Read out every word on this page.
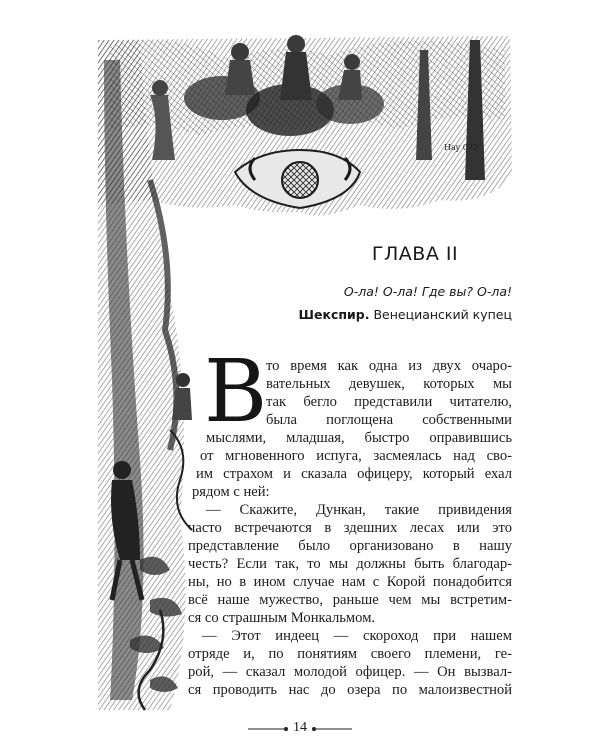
Hay 072
ГЛАВА II
О-ла! О-ла! Где вы? О-ла!
Шекспир. Венецианский купец
В
то время как одна из двух очаро-
вательных девушек, которых мы
так бегло представили читателю,
была поглощена собственными
мыслями, младшая, быстро оправившись
от мгновенного испуга, засмеялась над сво-
им страхом и сказала офицеру, который ехал
рядом с ней:
— Скажите, Дункан, такие привидения
часто встречаются в здешних лесах или это
представление было организовано в нашу
честь? Если так, то мы должны быть благодар-
ны, но в ином случае нам с Корой понадобится
всё наше мужество, раньше чем мы встретим-
ся со страшным Монкальмом.
— Этот индеец — скороход при нашем
отряде и, по понятиям своего племени, ге-
рой, — сказал молодой офицер. — Он вызвал-
ся проводить нас до озера по малоизвестной
14
